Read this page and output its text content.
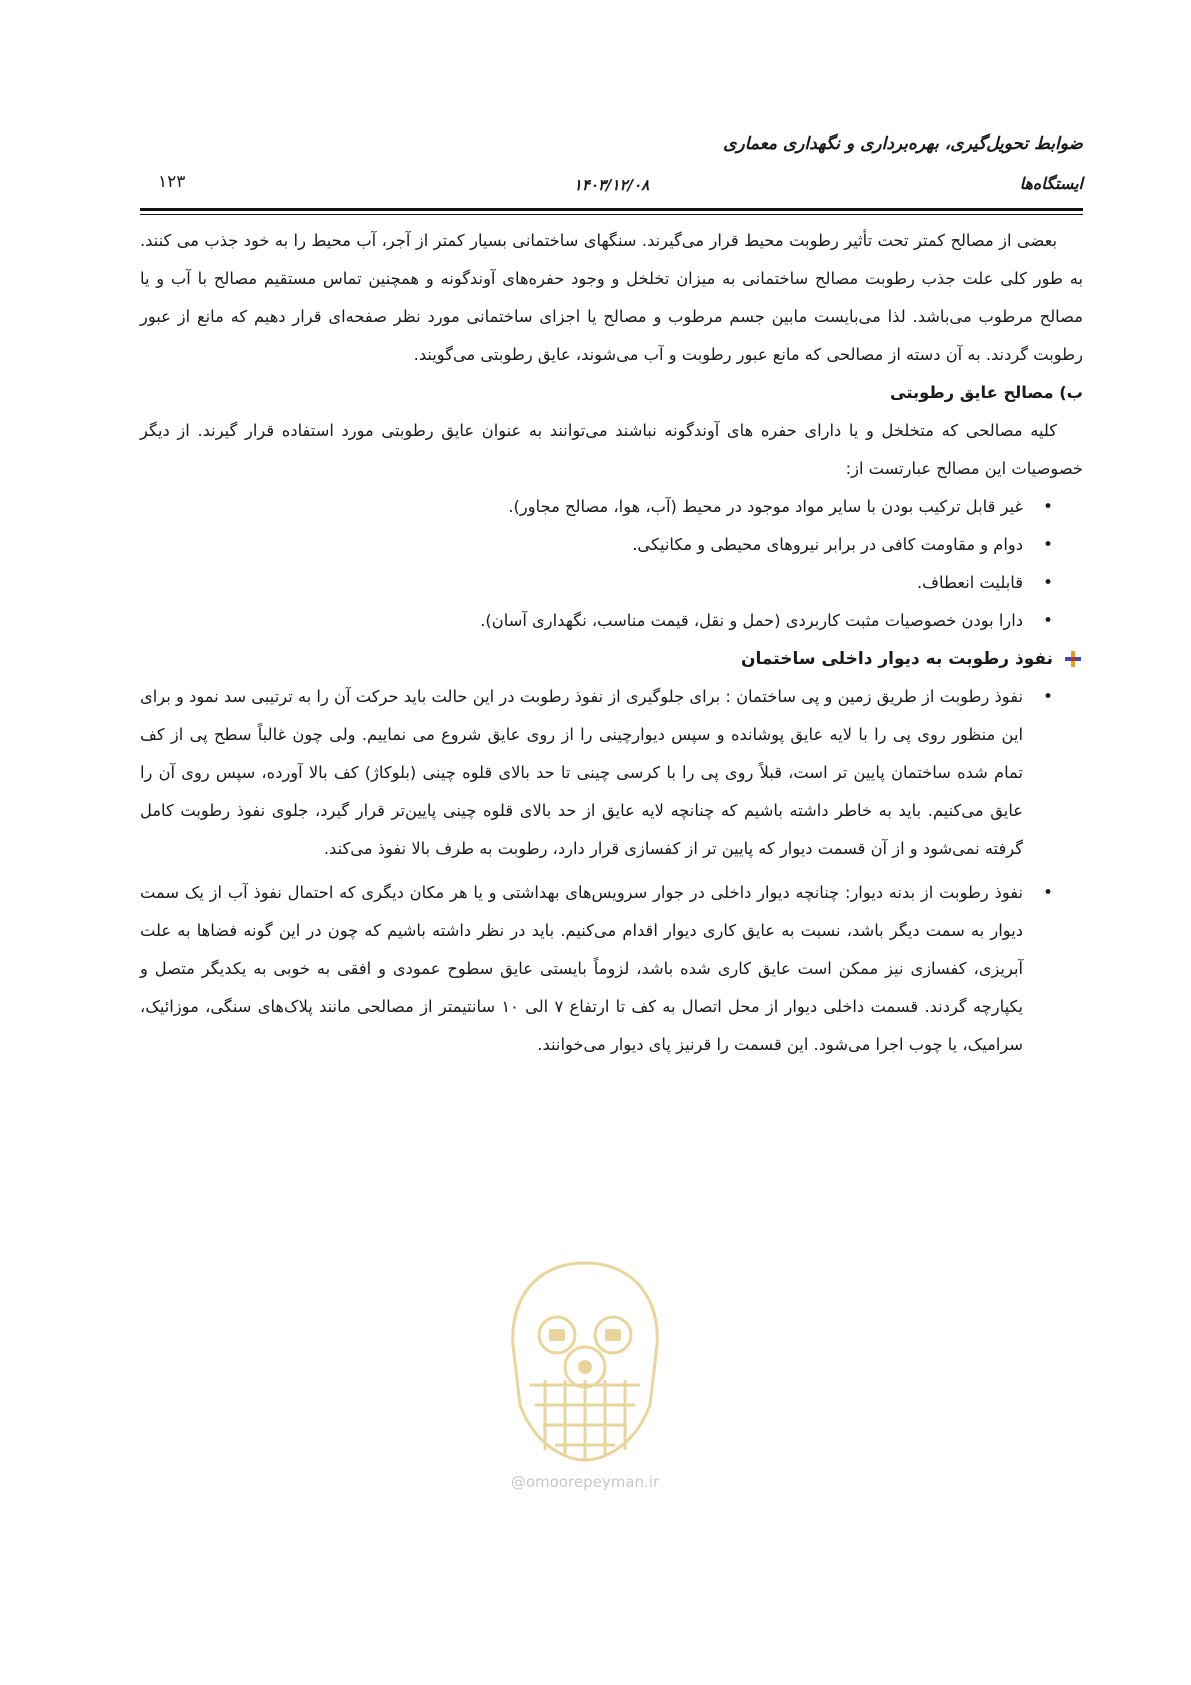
ضوابط تحویل‌گیری، بهره‌برداری و نگهداری معماری
ایستگاه‌ها
۱۴۰۳/۱۲/۰۸
۱۲۳

بعضی از مصالح کمتر تحت تأثیر رطوبت محیط قرار می‌گیرند. سنگهای ساختمانی بسیار کمتر از آجر، آب محیط را به خود جذب می کنند. به طور کلی علت جذب رطوبت مصالح ساختمانی به میزان تخلخل و وجود حفره‌های آوندگونه و همچنین تماس مستقیم مصالح با آب و یا مصالح مرطوب می‌باشد. لذا می‌بایست مابین جسم مرطوب و مصالح یا اجزای ساختمانی مورد نظر صفحه‌ای قرار دهیم که مانع از عبور رطوبت گردند. به آن دسته از مصالحی که مانع عبور رطوبت و آب می‌شوند، عایق رطوبتی می‌گویند.

ب) مصالح عایق رطوبتی

کلیه مصالحی که متخلخل و یا دارای حفره های آوندگونه نباشند می‌توانند به عنوان عایق رطوبتی مورد استفاده قرار گیرند. از دیگر خصوصیات این مصالح عبارتست از:

• غیر قابل ترکیب بودن با سایر مواد موجود در محیط (آب، هوا، مصالح مجاور).
• دوام و مقاومت کافی در برابر نیروهای محیطی و مکانیکی.
• قابلیت انعطاف.
• دارا بودن خصوصیات مثبت کاربردی (حمل و نقل، قیمت مناسب، نگهداری آسان).
نفوذ رطوبت به دیوار داخلی ساختمان
• نفوذ رطوبت از طریق زمین و پی ساختمان : برای جلوگیری از نفوذ رطوبت در این حالت باید حرکت آن را به ترتیبی سد نمود و برای این منظور روی پی را با لایه عایق پوشانده و سپس دیوارچینی را از روی عایق شروع می نماییم. ولی چون غالباً سطح پی از کف تمام شده ساختمان پایین تر است، قبلاً روی پی را با کرسی چینی تا حد بالای قلوه چینی (بلوکاژ) کف بالا آورده، سپس روی آن را عایق می‌کنیم. باید به خاطر داشته باشیم که چنانچه لایه عایق از حد بالای قلوه چینی پایین‌تر قرار گیرد، جلوی نفوذ رطوبت کامل گرفته نمی‌شود و از آن قسمت دیوار که پایین تر از کفسازی قرار دارد، رطوبت به طرف بالا نفوذ می‌کند.
• نفوذ رطوبت از بدنه دیوار: چنانچه دیوار داخلی در جوار سرویس‌های بهداشتی و یا هر مکان دیگری که احتمال نفوذ آب از یک سمت دیوار به سمت دیگر باشد، نسبت به عایق کاری دیوار اقدام می‌کنیم. باید در نظر داشته باشیم که چون در این گونه فضاها به علت آبریزی، کفسازی نیز ممکن است عایق کاری شده باشد، لزوماً بایستی عایق سطوح عمودی و افقی به خوبی به یکدیگر متصل و یکپارچه گردند. قسمت داخلی دیوار از محل اتصال به کف تا ارتفاع ۷ الی ۱۰ سانتیمتر از مصالحی مانند پلاک‌های سنگی، موزائیک، سرامیک، یا چوب اجرا می‌شود. این قسمت را قرنیز پای دیوار می‌خوانند.
@omoorepeyman.ir
